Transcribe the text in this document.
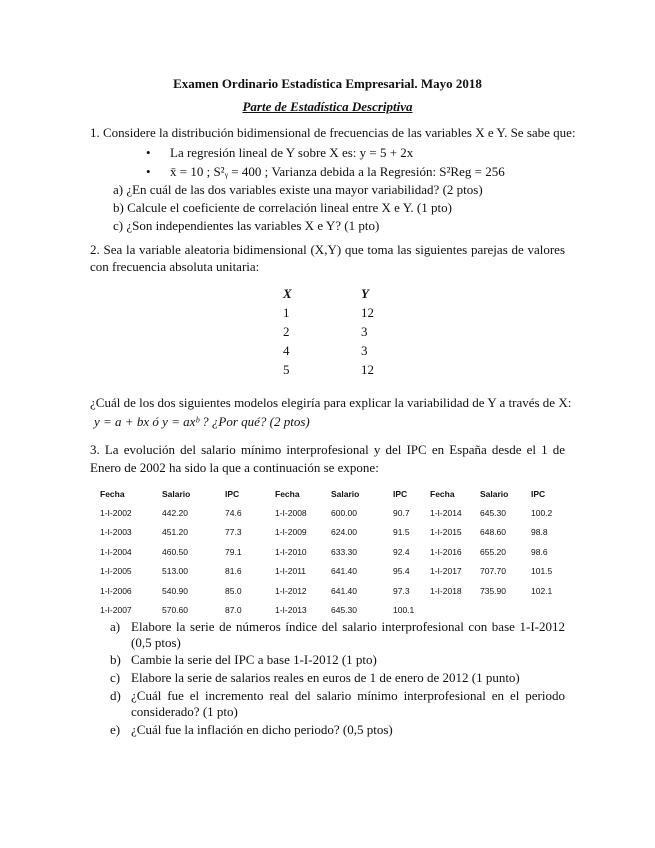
Examen Ordinario Estadística Empresarial. Mayo 2018
Parte de Estadística Descriptiva
1. Considere la distribución bidimensional de frecuencias de las variables X e Y. Se sabe que:
• La regresión lineal de Y sobre X es: y = 5 + 2x
• x̄ = 10 ; S²ᵧ = 400 ; Varianza debida a la Regresión: S²Reg = 256
a) ¿En cuál de las dos variables existe una mayor variabilidad? (2 ptos)
b) Calcule el coeficiente de correlación lineal entre X e Y. (1 pto)
c) ¿Son independientes las variables X e Y? (1 pto)
2. Sea la variable aleatoria bidimensional (X,Y) que toma las siguientes parejas de valores con frecuencia absoluta unitaria:
X	Y
1	12
2	3
4	3
5	12
¿Cuál de los dos siguientes modelos elegiría para explicar la variabilidad de Y a través de X:
y = a + bx ó y = axᵇ ? ¿Por qué? (2 ptos)
3. La evolución del salario mínimo interprofesional y del IPC en España desde el 1 de Enero de 2002 ha sido la que a continuación se expone:
Fecha	Salario	IPC	Fecha	Salario	IPC	Fecha	Salario	IPC
1-I-2002	442.20	74.6	1-I-2008	600.00	90.7	1-I-2014	645.30	100.2
1-I-2003	451.20	77.3	1-I-2009	624.00	91.5	1-I-2015	648.60	98.8
1-I-2004	460.50	79.1	1-I-2010	633.30	92.4	1-I-2016	655.20	98.6
1-I-2005	513.00	81.6	1-I-2011	641.40	95.4	1-I-2017	707.70	101.5
1-I-2006	540.90	85.0	1-I-2012	641.40	97.3	1-I-2018	735.90	102.1
1-I-2007	570.60	87.0	1-I-2013	645.30	100.1			
a) Elabore la serie de números índice del salario interprofesional con base 1-I-2012 (0,5 ptos)
b) Cambie la serie del IPC a base 1-I-2012 (1 pto)
c) Elabore la serie de salarios reales en euros de 1 de enero de 2012 (1 punto)
d) ¿Cuál fue el incremento real del salario mínimo interprofesional en el periodo considerado? (1 pto)
e) ¿Cuál fue la inflación en dicho periodo? (0,5 ptos)
